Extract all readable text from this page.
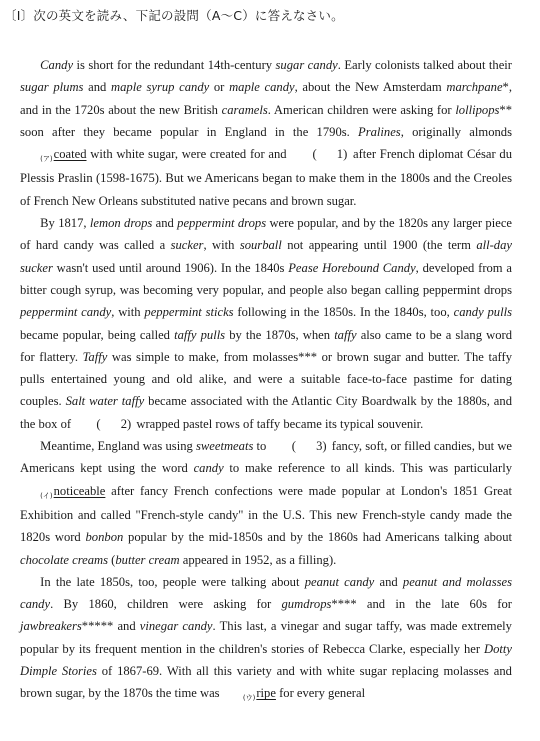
〔Ⅰ〕次の英文を読み、下記の設問（A～C）に答えなさい。

Candy is short for the redundant 14th-century sugar candy. Early colonists talked about their sugar plums and maple syrup candy or maple candy, about the New Amsterdam marchpane*, and in the 1720s about the new British caramels. American children were asking for lollipops** soon after they became popular in England in the 1790s. Pralines, originally almonds $_{(ア)}$coated with white sugar, were created for and ( 1) after French diplomat César du Plessis Praslin (1598-1675). But we Americans began to make them in the 1800s and the Creoles of French New Orleans substituted native pecans and brown sugar.

By 1817, lemon drops and peppermint drops were popular, and by the 1820s any larger piece of hard candy was called a sucker, with sourball not appearing until 1900 (the term all-day sucker wasn't used until around 1906). In the 1840s Pease Horebound Candy, developed from a bitter cough syrup, was becoming very popular, and people also began calling peppermint drops peppermint candy, with peppermint sticks following in the 1850s. In the 1840s, too, candy pulls became popular, being called taffy pulls by the 1870s, when taffy also came to be a slang word for flattery. Taffy was simple to make, from molasses*** or brown sugar and butter. The taffy pulls entertained young and old alike, and were a suitable face-to-face pastime for dating couples. Salt water taffy became associated with the Atlantic City Boardwalk by the 1880s, and the box of ( 2) wrapped pastel rows of taffy became its typical souvenir.

Meantime, England was using sweetmeats to ( 3) fancy, soft, or filled candies, but we Americans kept using the word candy to make reference to all kinds. This was particularly $_{(イ)}$noticeable after fancy French confections were made popular at London's 1851 Great Exhibition and called "French-style candy" in the U.S. This new French-style candy made the 1820s word bonbon popular by the mid-1850s and by the 1860s had Americans talking about chocolate creams (butter cream appeared in 1952, as a filling).

In the late 1850s, too, people were talking about peanut candy and peanut and molasses candy. By 1860, children were asking for gumdrops**** and in the late 60s for jawbreakers***** and vinegar candy. This last, a vinegar and sugar taffy, was made extremely popular by its frequent mention in the children's stories of Rebecca Clarke, especially her Dotty Dimple Stories of 1867-69. With all this variety and with white sugar replacing molasses and brown sugar, by the 1870s the time was	$_{(ウ)}$ripe for every general
